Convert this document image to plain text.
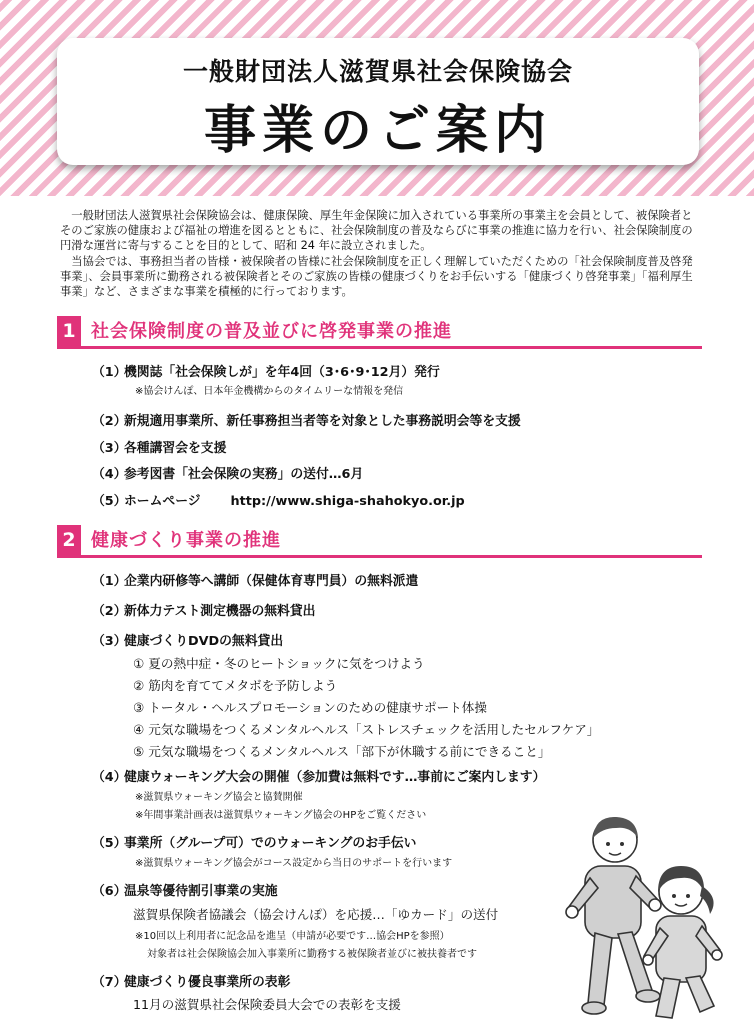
一般財団法人滋賀県社会保険協会
事業のご案内

一般財団法人滋賀県社会保険協会は、健康保険、厚生年金保険に加入されている事業所の事業主を会員として、被保険者とそのご家族の健康および福祉の増進を図るとともに、社会保険制度の普及ならびに事業の推進に協力を行い、社会保険制度の円滑な運営に寄与することを目的として、昭和 24 年に設立されました。

当協会では、事務担当者の皆様・被保険者の皆様に社会保険制度を正しく理解していただくための「社会保険制度普及啓発事業」、会員事業所に勤務される被保険者とそのご家族の皆様の健康づくりをお手伝いする「健康づくり啓発事業」「福利厚生事業」など、さまざまな事業を積極的に行っております。

1 社会保険制度の普及並びに啓発事業の推進
（1）機関誌「社会保険しが」を年4回（3･6･9･12月）発行
※協会けんぽ、日本年金機構からのタイムリーな情報を発信
（2）新規適用事業所、新任事務担当者等を対象とした事務説明会等を支援
（3）各種講習会を支援
（4）参考図書「社会保険の実務」の送付…6月
（5）ホームページ http://www.shiga-shahokyo.or.jp
2 健康づくり事業の推進
（1）企業内研修等へ講師（保健体育専門員）の無料派遣
（2）新体力テスト測定機器の無料貸出
（3）健康づくりDVDの無料貸出
① 夏の熱中症・冬のヒートショックに気をつけよう
② 筋肉を育ててメタボを予防しよう
③ トータル・ヘルスプロモーションのための健康サポート体操
④ 元気な職場をつくるメンタルヘルス「ストレスチェックを活用したセルフケア」
⑤ 元気な職場をつくるメンタルヘルス「部下が休職する前にできること」
（4）健康ウォーキング大会の開催（参加費は無料です…事前にご案内します）
※滋賀県ウォーキング協会と協賛開催
※年間事業計画表は滋賀県ウォーキング協会のHPをご覧ください
（5）事業所（グループ可）でのウォーキングのお手伝い
※滋賀県ウォーキング協会がコース設定から当日のサポートを行います
（6）温泉等優待割引事業の実施
滋賀県保険者協議会（協会けんぽ）を応援…「ゆカード」の送付
※10回以上利用者に記念品を進呈（申請が必要です…協会HPを参照）
対象者は社会保険協会加入事業所に勤務する被保険者並びに被扶養者です
（7）健康づくり優良事業所の表彰
11月の滋賀県社会保険委員大会での表彰を支援
